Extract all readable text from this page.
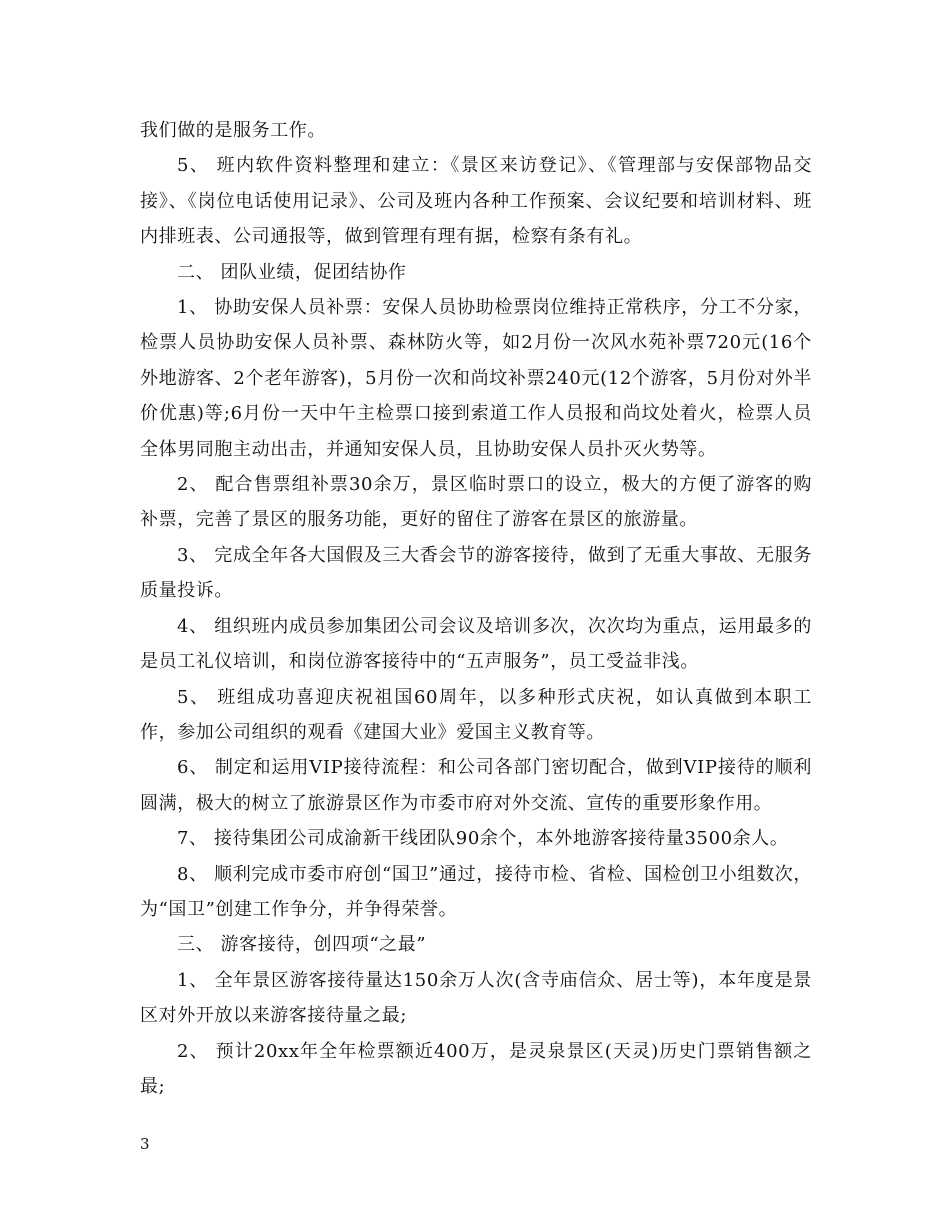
我们做的是服务工作。

5、 班内软件资料整理和建立：《景区来访登记》、《管理部与安保部物品交接》、《岗位电话使用记录》、公司及班内各种工作预案、会议纪要和培训材料、班内排班表、公司通报等，做到管理有理有据，检察有条有礼。

二、 团队业绩，促团结协作

1、 协助安保人员补票：安保人员协助检票岗位维持正常秩序，分工不分家，检票人员协助安保人员补票、森林防火等，如2月份一次风水苑补票720元(16个外地游客、2个老年游客)，5月份一次和尚坟补票240元(12个游客，5月份对外半价优惠)等;6月份一天中午主检票口接到索道工作人员报和尚坟处着火，检票人员全体男同胞主动出击，并通知安保人员，且协助安保人员扑灭火势等。

2、 配合售票组补票30余万，景区临时票口的设立，极大的方便了游客的购补票，完善了景区的服务功能，更好的留住了游客在景区的旅游量。

3、 完成全年各大国假及三大香会节的游客接待，做到了无重大事故、无服务质量投诉。

4、 组织班内成员参加集团公司会议及培训多次，次次均为重点，运用最多的是员工礼仪培训，和岗位游客接待中的“五声服务”，员工受益非浅。

5、 班组成功喜迎庆祝祖国60周年，以多种形式庆祝，如认真做到本职工作，参加公司组织的观看《建国大业》爱国主义教育等。

6、 制定和运用VIP接待流程：和公司各部门密切配合，做到VIP接待的顺利圆满，极大的树立了旅游景区作为市委市府对外交流、宣传的重要形象作用。

7、 接待集团公司成渝新干线团队90余个，本外地游客接待量3500余人。

8、 顺利完成市委市府创“国卫”通过，接待市检、省检、国检创卫小组数次，为“国卫”创建工作争分，并争得荣誉。

三、 游客接待，创四项“之最”

1、 全年景区游客接待量达150余万人次(含寺庙信众、居士等)，本年度是景区对外开放以来游客接待量之最;

2、 预计20xx年全年检票额近400万，是灵泉景区(天灵)历史门票销售额之最;

3
